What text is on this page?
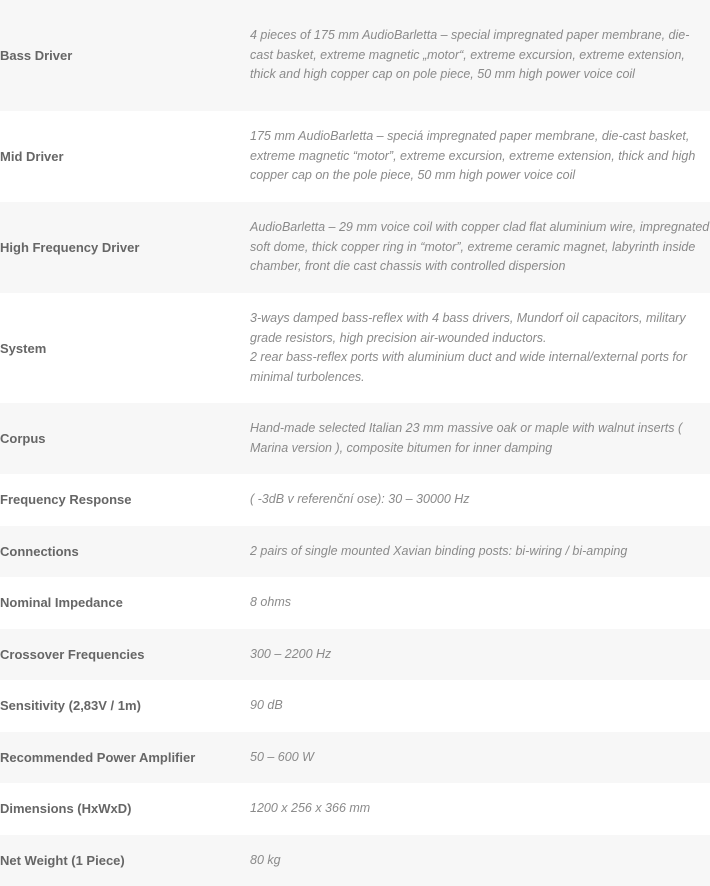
Bass Driver	4 pieces of 175 mm AudioBarletta – special impregnated paper membrane, die-cast basket, extreme magnetic „motor“, extreme excursion, extreme extension, thick and high copper cap on pole piece, 50 mm high power voice coil

Mid Driver	175 mm AudioBarletta – speciá impregnated paper membrane, die-cast basket, extreme magnetic “motor”, extreme excursion, extreme extension, thick and high copper cap on the pole piece, 50 mm high power voice coil

High Frequency Driver	AudioBarletta – 29 mm voice coil with copper clad flat aluminium wire, impregnated soft dome, thick copper ring in “motor”, extreme ceramic magnet, labyrinth inside chamber, front die cast chassis with controlled dispersion

System	3-ways damped bass-reflex with 4 bass drivers, Mundorf oil capacitors, military grade resistors, high precision air-wounded inductors.
2 rear bass-reflex ports with aluminium duct and wide internal/external ports for minimal turbolences.

Corpus	Hand-made selected Italian 23 mm massive oak or maple with walnut inserts ( Marina version ), composite bitumen for inner damping

Frequency Response	( -3dB v referenční ose): 30 – 30000 Hz

Connections	2 pairs of single mounted Xavian binding posts: bi-wiring / bi-amping

Nominal Impedance	8 ohms

Crossover Frequencies	300 – 2200 Hz

Sensitivity (2,83V / 1m)	90 dB

Recommended Power Amplifier	50 – 600 W

Dimensions (HxWxD)	1200 x 256 x 366 mm

Net Weight (1 Piece)	80 kg
